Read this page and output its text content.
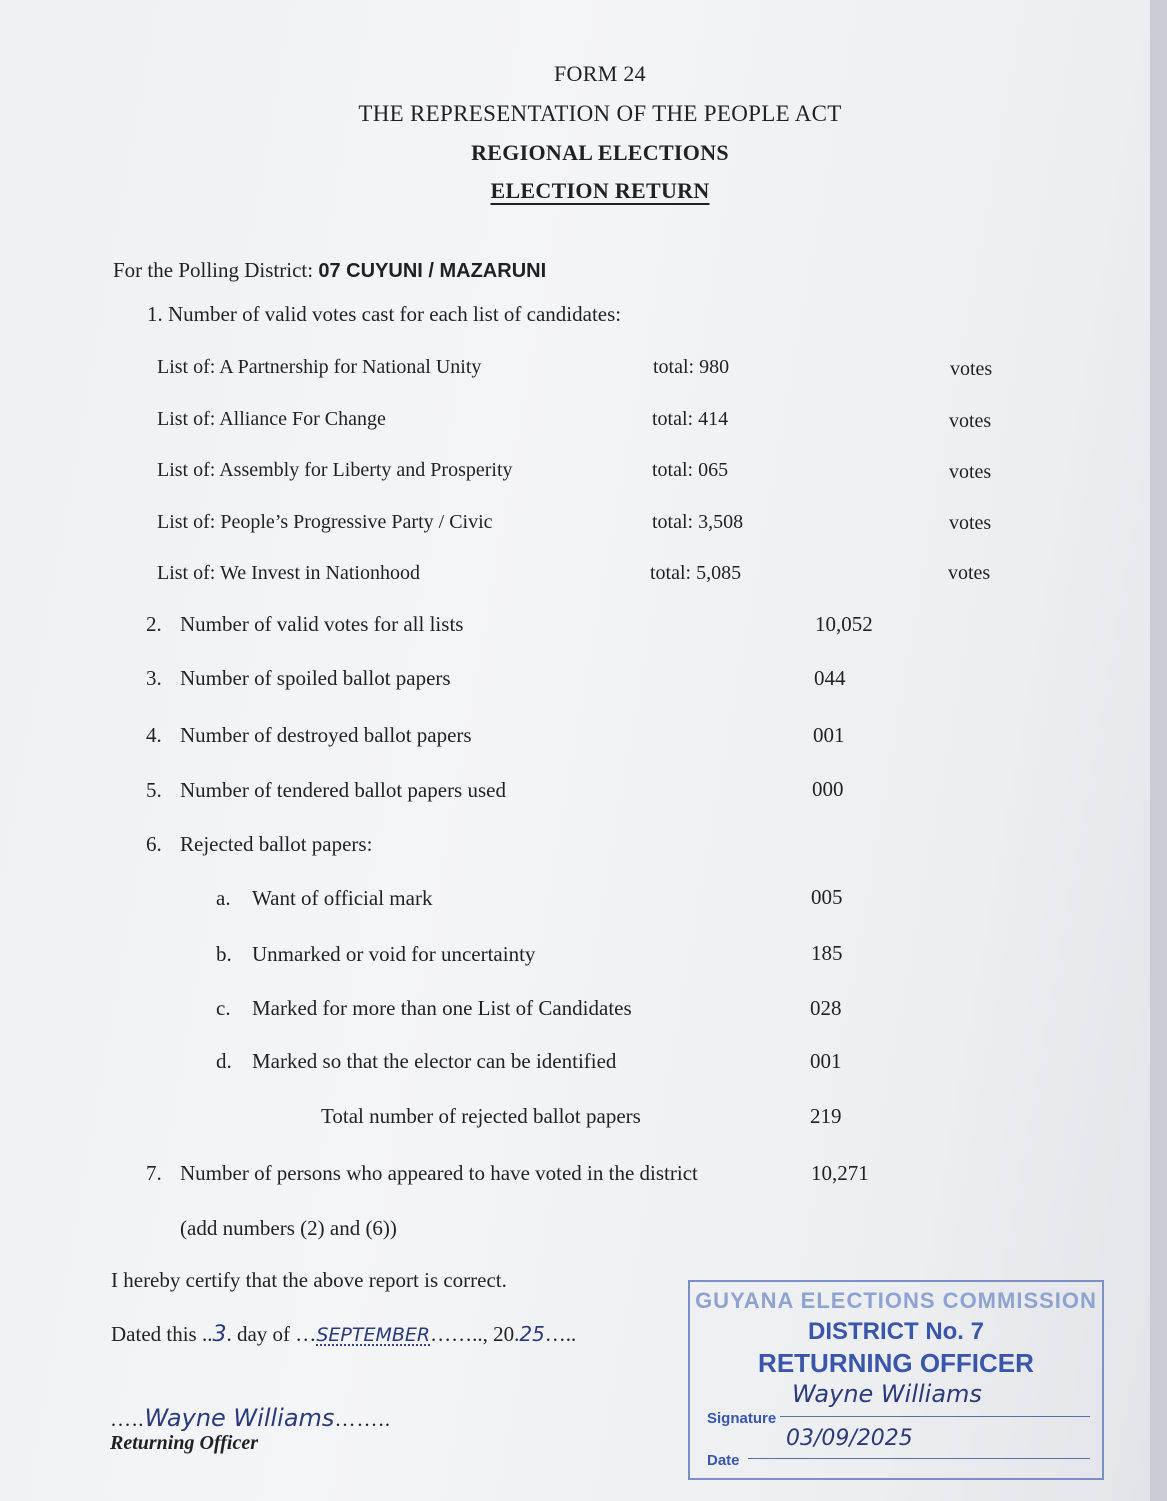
FORM 24
THE REPRESENTATION OF THE PEOPLE ACT
REGIONAL ELECTIONS
ELECTION RETURN
For the Polling District: 07 CUYUNI / MAZARUNI
1. Number of valid votes cast for each list of candidates:
List of: A Partnership for National Unity	total: 980	votes
List of: Alliance For Change	total: 414	votes
List of: Assembly for Liberty and Prosperity	total: 065	votes
List of: People’s Progressive Party / Civic	total: 3,508	votes
List of: We Invest in Nationhood	total: 5,085	votes
2. Number of valid votes for all lists	10,052
3. Number of spoiled ballot papers	044
4. Number of destroyed ballot papers	001
5. Number of tendered ballot papers used	000
6. Rejected ballot papers:
a. Want of official mark	005
b. Unmarked or void for uncertainty	185
c. Marked for more than one List of Candidates	028
d. Marked so that the elector can be identified	001
Total number of rejected ballot papers	219
7. Number of persons who appeared to have voted in the district	10,271
(add numbers (2) and (6))
I hereby certify that the above report is correct.
Dated this ..3. day of …SEPTEMBER…….., 20.25…..
…..Wayne Williams……..
Returning Officer
GUYANA ELECTIONS COMMISSION
DISTRICT No. 7
RETURNING OFFICER
Signature
Wayne Williams
Date
03/09/2025
